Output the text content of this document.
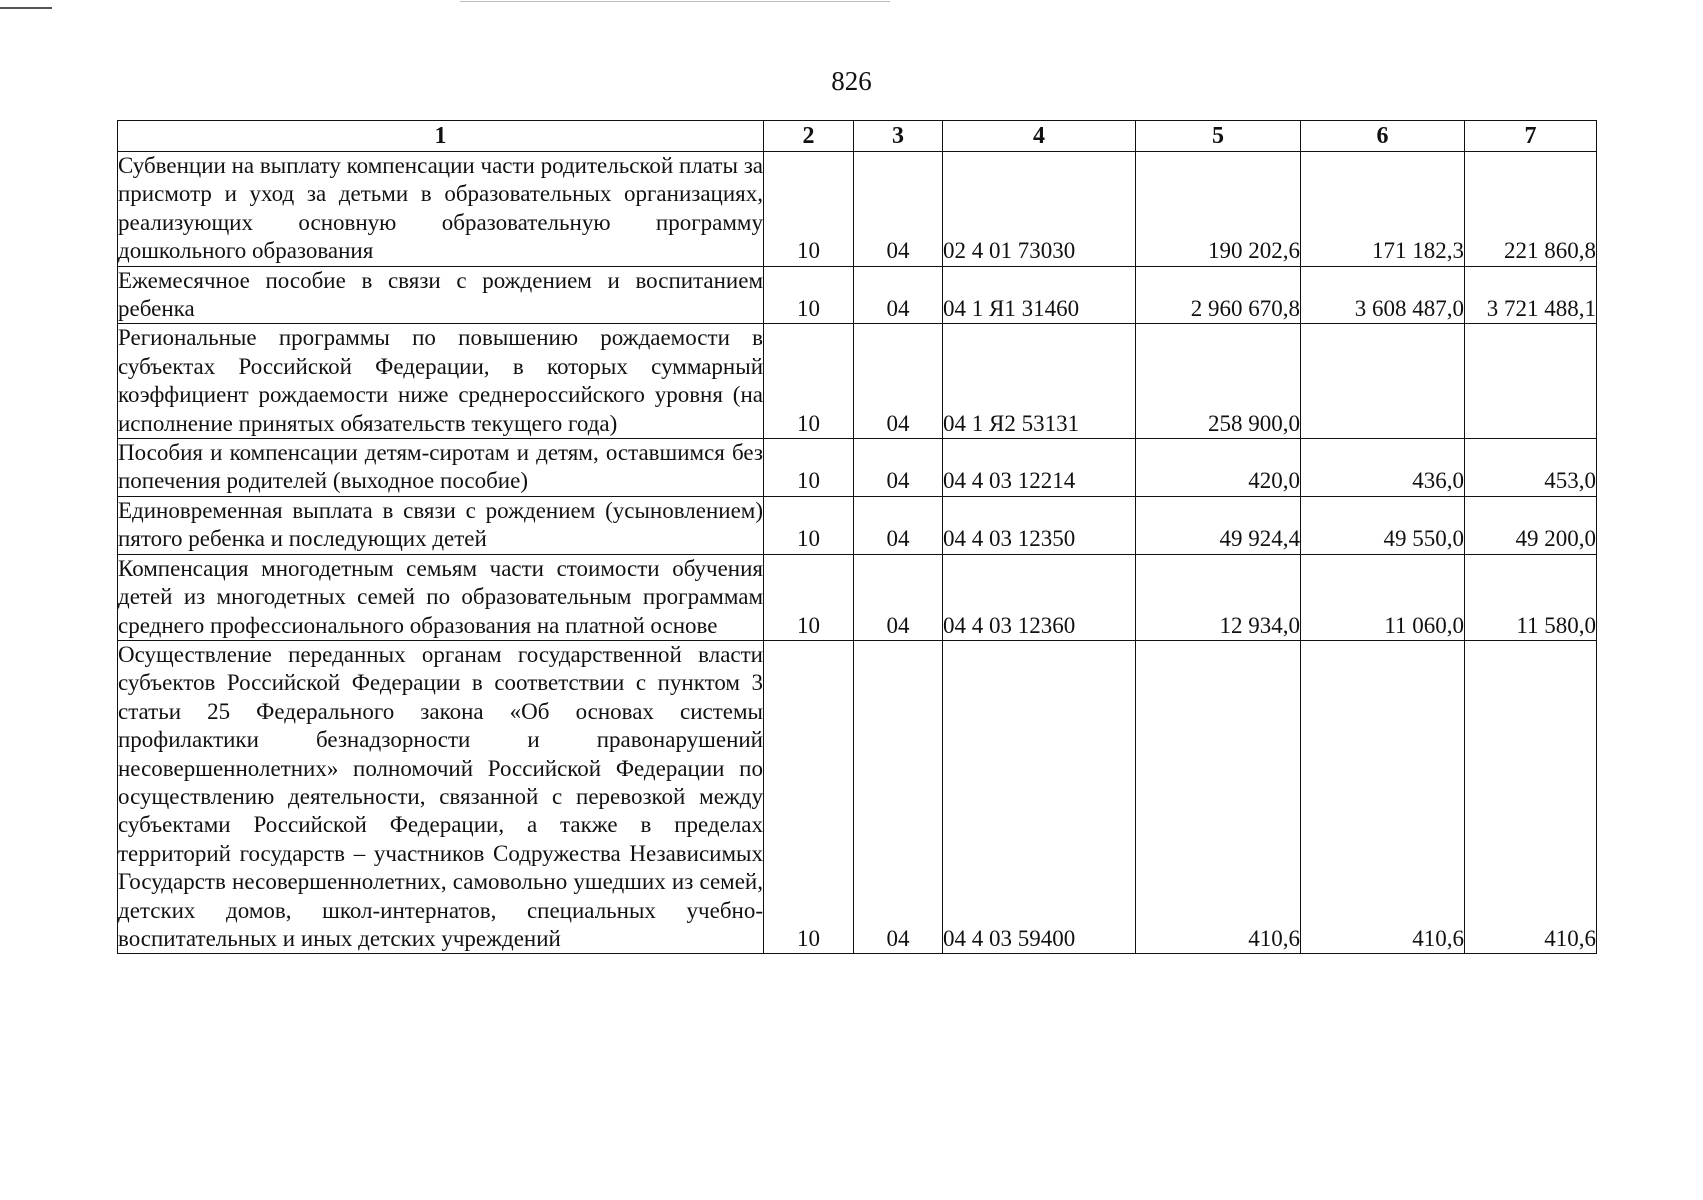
826
1	2	3	4	5	6	7
Субвенции на выплату компенсации части родительской платы за присмотр и уход за детьми в образовательных организациях, реализующих основную образовательную программу дошкольного образования	10	04	02 4 01 73030	190 202,6	171 182,3	221 860,8
Ежемесячное пособие в связи с рождением и воспитанием ребенка	10	04	04 1 Я1 31460	2 960 670,8	3 608 487,0	3 721 488,1
Региональные программы по повышению рождаемости в субъектах Российской Федерации, в которых суммарный коэффициент рождаемости ниже среднероссийского уровня (на исполнение принятых обязательств текущего года)	10	04	04 1 Я2 53131	258 900,0		
Пособия и компенсации детям-сиротам и детям, оставшимся без попечения родителей (выходное пособие)	10	04	04 4 03 12214	420,0	436,0	453,0
Единовременная выплата в связи с рождением (усыновлением) пятого ребенка и последующих детей	10	04	04 4 03 12350	49 924,4	49 550,0	49 200,0
Компенсация многодетным семьям части стоимости обучения детей из многодетных семей по образовательным программам среднего профессионального образования на платной основе	10	04	04 4 03 12360	12 934,0	11 060,0	11 580,0
Осуществление переданных органам государственной власти субъектов Российской Федерации в соответствии с пунктом 3 статьи 25 Федерального закона «Об основах системы профилактики безнадзорности и правонарушений несовершеннолетних» полномочий Российской Федерации по осуществлению деятельности, связанной с перевозкой между субъектами Российской Федерации, а также в пределах территорий государств – участников Содружества Независимых Государств несовершеннолетних, самовольно ушедших из семей, детских домов, школ-интернатов, специальных учебно-воспитательных и иных детских учреждений	10	04	04 4 03 59400	410,6	410,6	410,6
